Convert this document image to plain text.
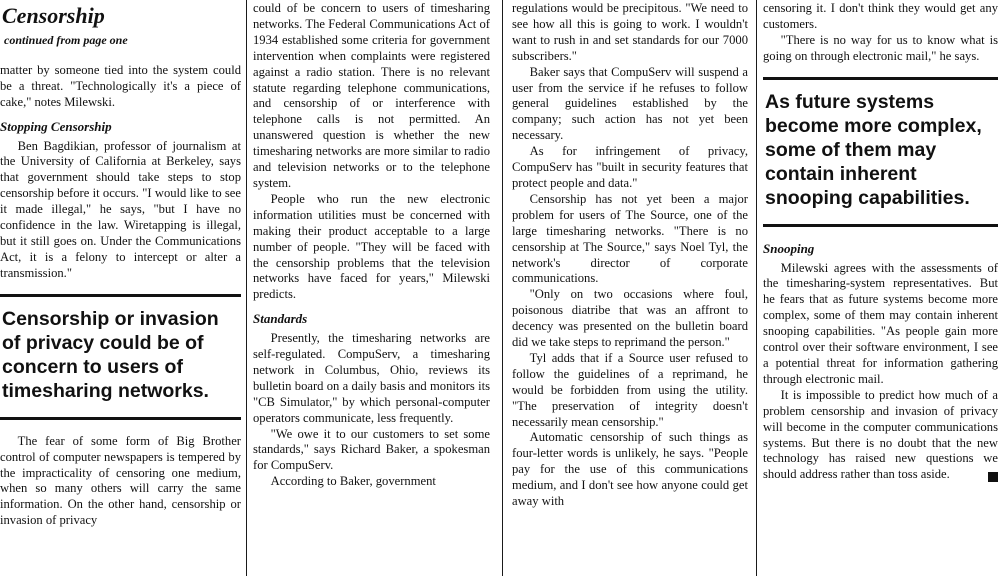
Censorship
continued from page one

matter by someone tied into the system could be a threat. "Technologically it's a piece of cake," notes Milewski.

Stopping Censorship

Ben Bagdikian, professor of journalism at the University of California at Berkeley, says that government should take steps to stop censorship before it occurs. "I would like to see it made illegal," he says, "but I have no confidence in the law. Wiretapping is illegal, but it still goes on. Under the Communications Act, it is a felony to intercept or alter a transmission."

Censorship or invasion of privacy could be of concern to users of timesharing networks.

The fear of some form of Big Brother control of computer newspapers is tempered by the impracticality of censoring one medium, when so many others will carry the same information. On the other hand, censorship or invasion of privacy

could of be concern to users of timesharing networks. The Federal Communications Act of 1934 established some criteria for government intervention when complaints were registered against a radio station. There is no relevant statute regarding telephone communications, and censorship of or interference with telephone calls is not permitted. An unanswered question is whether the new timesharing networks are more similar to radio and television networks or to the telephone system.

People who run the new electronic information utilities must be concerned with making their product acceptable to a large number of people. "They will be faced with the censorship problems that the television networks have faced for years," Milewski predicts.

Standards

Presently, the timesharing networks are self-regulated. CompuServ, a timesharing network in Columbus, Ohio, reviews its bulletin board on a daily basis and monitors its "CB Simulator," by which personal-computer operators communicate, less frequently.

"We owe it to our customers to set some standards," says Richard Baker, a spokesman for CompuServ.

According to Baker, government

regulations would be precipitous. "We need to see how all this is going to work. I wouldn't want to rush in and set standards for our 7000 subscribers."

Baker says that CompuServ will suspend a user from the service if he refuses to follow general guidelines established by the company; such action has not yet been necessary.

As for infringement of privacy, CompuServ has "built in security features that protect people and data."

Censorship has not yet been a major problem for users of The Source, one of the large timesharing networks. "There is no censorship at The Source," says Noel Tyl, the network's director of corporate communications.

"Only on two occasions where foul, poisonous diatribe that was an affront to decency was presented on the bulletin board did we take steps to reprimand the person."

Tyl adds that if a Source user refused to follow the guidelines of a reprimand, he would be forbidden from using the utility. "The preservation of integrity doesn't necessarily mean censorship."

Automatic censorship of such things as four-letter words is unlikely, he says. "People pay for the use of this communications medium, and I don't see how anyone could get away with

censoring it. I don't think they would get any customers.

"There is no way for us to know what is going on through electronic mail," he says.

As future systems become more complex, some of them may contain inherent snooping capabilities.
Snooping

Milewski agrees with the assessments of the timesharing-system representatives. But he fears that as future systems become more complex, some of them may contain inherent snooping capabilities. "As people gain more control over their software environment, I see a potential threat for information gathering through electronic mail.

It is impossible to predict how much of a problem censorship and invasion of privacy will become in the computer communications systems. But there is no doubt that the new technology has raised new questions we should address rather than toss aside.
